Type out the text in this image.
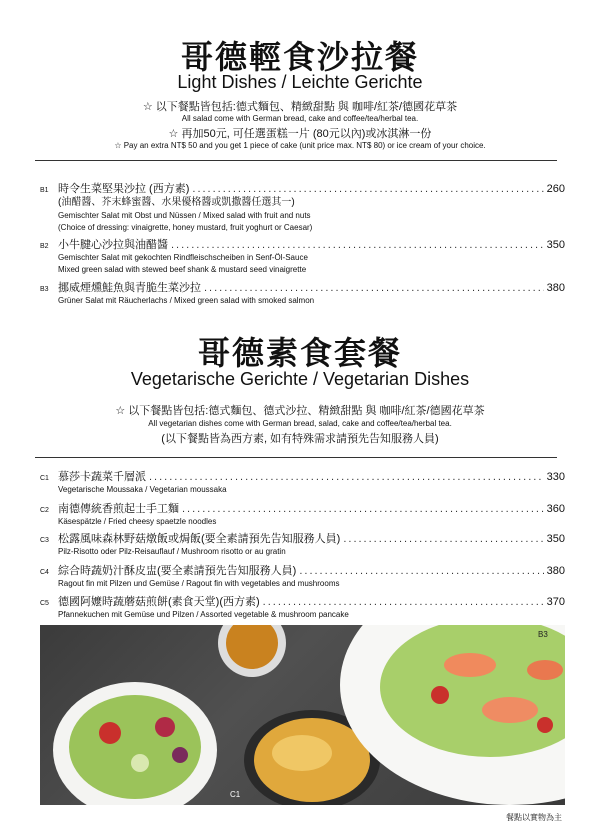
哥德輕食沙拉餐
Light Dishes / Leichte Gerichte
☆ 以下餐點皆包括:德式麵包、精緻甜點 與 咖啡/紅茶/德國花草茶
All salad come with German bread, cake and coffee/tea/herbal tea.
☆ 再加50元, 可任選蛋糕一片 (80元以內)或冰淇淋一份
☆ Pay an extra NT$ 50 and you get 1 piece of cake (unit price max. NT$ 80) or ice cream of your choice.
B1 時令生菜堅果沙拉 (西方素) .....	260
(油醋醬、芥末蜂蜜醬、水果優格醬或凱撒醬任選其一)
Gemischter Salat mit Obst und Nüssen / Mixed salad with fruit and nuts
(Choice of dressing: vinaigrette, honey mustard, fruit yoghurt or Caesar)
B2 小牛腱心沙拉與油醋醬 .....	350
Gemischter Salat mit gekochten Rindfleischscheiben in Senf-Öl-Sauce
Mixed green salad with stewed beef shank & mustard seed vinaigrette
B3 挪威煙燻鮭魚與青脆生菜沙拉 .....	380
Grüner Salat mit Räucherlachs / Mixed green salad with smoked salmon
哥德素食套餐
Vegetarische Gerichte / Vegetarian Dishes
☆ 以下餐點皆包括:德式麵包、德式沙拉、精緻甜點 與 咖啡/紅茶/德國花草茶
All vegetarian dishes come with German bread, salad, cake and coffee/tea/herbal tea.
(以下餐點皆為西方素, 如有特殊需求請預先告知服務人員)
C1 慕莎卡蔬菜千層派 .....	330
Vegetarische Moussaka / Vegetarian moussaka
C2 南德傳統香煎起士手工麵 .....	360
Käsespätzle / Fried cheesy spaetzle noodles
C3 松露風味森林野菇燉飯或焗飯(要全素請預先告知服務人員) .....	350
Pilz-Risotto oder Pilz-Reisauflauf / Mushroom risotto or au gratin
C4 綜合時蔬奶汁酥皮盅(要全素請預先告知服務人員) .....	380
Ragout fin mit Pilzen und Gemüse / Ragout fin with vegetables and mushrooms
C5 德國阿嬤時蔬蘑菇煎餅(素食天堂)(西方素) .....	370
Pfannekuchen mit Gemüse und Pilzen / Assorted vegetable & mushroom pancake
C1
B3
餐點以實物為主
